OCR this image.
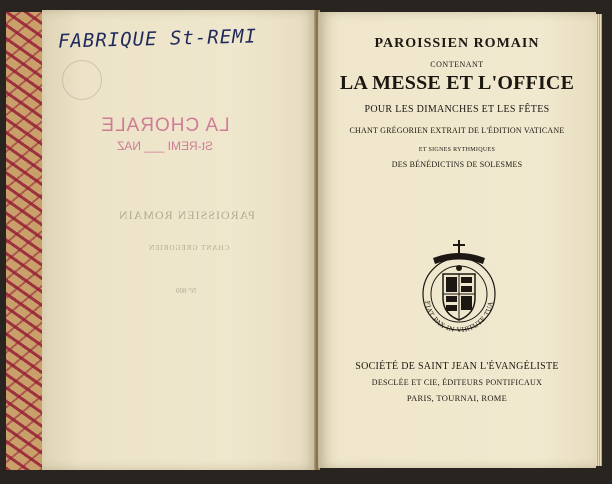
FABRIQUE St-REMI
LA CHORALE
St-REMI ___ NAZ
PAROISSIEN ROMAIN
CHANT GRÉGORIEN
N° 800
PAROISSIEN ROMAIN
CONTENANT
LA MESSE ET L'OFFICE
POUR LES DIMANCHES ET LES FÊTES
CHANT GRÉGORIEN EXTRAIT DE L'ÉDITION VATICANE
ET SIGNES RYTHMIQUES
DES BÉNÉDICTINS DE SOLESMES
FIAT PAX IN VIRTUTE TUA
SOCIÉTÉ DE SAINT JEAN L'ÉVANGÉLISTE
DESCLÉE ET CIE, ÉDITEURS PONTIFICAUX
PARIS, TOURNAI, ROME
